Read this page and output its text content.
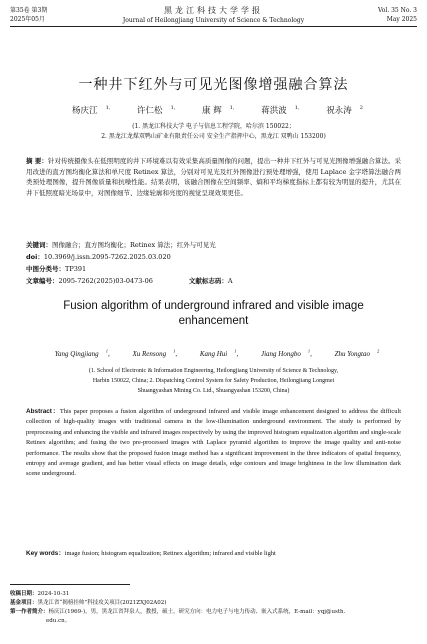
第35卷 第3期
2025年05月
黑龙江科技大学学报
Journal of Heilongjiang University of Science & Technology
Vol. 35 No. 3
May 2025
一种井下红外与可见光图像增强融合算法
杨庆江 $^{1,}$	许仁松 $^{1,}$	康 辉 $^{1,}$	蒋洪波 $^{1,}$	祝永涛 $^2$
(1. 黑龙江科技大学 电子与信息工程学院，哈尔滨 150022；
2. 黑龙江龙煤双鸭山矿业有限责任公司 安全生产指挥中心，黑龙江 双鸭山 153200)
摘 要：针对传统摄像头在低照明度的井下环境难以有效采集高质量图像的问题，提出一种井下红外与可见光图像增强融合算法。采用改进的直方图均衡化算法和单尺度 Retinex 算法，分别对可见光及红外图像进行预处理增强，使用 Laplace 金字塔算法融合两类预处理图像，提升图像质量和抗噪性能。结果表明，该融合图像在空间频率、熵和平均梯度指标上都有较为明显的提升，尤其在井下低照度暗光场景中，对图像细节、边缘轮廓和亮度的视觉呈现效果更佳。
关键词：图像融合；直方图均衡化；Retinex 算法；红外与可见光
doi：10.3969/j.issn.2095-7262.2025.03.020
中图分类号：TP391
文章编号：2095-7262(2025)03-0473-06	文献标志码：A
Fusion algorithm of underground infrared and visible image enhancement
Yang Qingjiang $^1$,	Xu Rensong $^1$,	Kang Hui $^1$,	Jiang Hongbo $^1$,	Zhu Yongtao $^2$
(1. School of Electronic & Information Engineering, Heilongjiang University of Science & Technology,
Harbin 150022, China; 2. Dispatching Control System for Safety Production, Heilongjiang Longmei
Shuangyashan Mining Co. Ltd., Shuangyashan 153200, China)
Abstract：This paper proposes a fusion algorithm of underground infrared and visible image enhancement designed to address the difficult collection of high-quality images with traditional camera in the low-illumination underground environment. The study is performed by preprocessing and enhancing the visible and infrared images respectively by using the improved histogram equalization algorithm and single-scale Retinex algorithm; and fusing the two pre-processed images with Laplace pyramid algorithm to improve the image quality and anti-noise performance. The results show that the proposed fusion image method has a significant improvement in the three indicators of spatial frequency, entropy and average gradient, and has better visual effects on image details, edge contours and image brightness in the low illumination dark scene underground.
Key words：image fusion; histogram equalization; Retinex algorithm; infrared and visible light
收稿日期：2024-10-31
基金项目：黑龙江省“揭榜挂帅”科技攻关项目(2021ZXJ02A02)
第一作者简介：杨庆江(1969-)，男，黑龙江省拜泉人，教授，硕士，研究方向：电力电子与电力传动、嵌入式系统，E-mail：yqj@usth.
edu.cn。
